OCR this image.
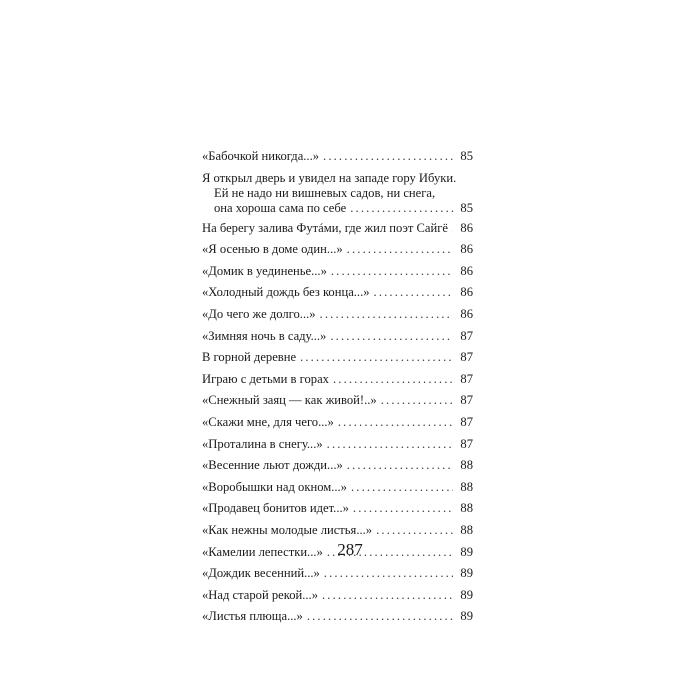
«Бабочкой никогда...» . . .	85
Я открыл дверь и увидел на западе гору Ибуки.
Ей не надо ни вишневых садов, ни снега,
она хороша сама по себе . . .	85
На берегу залива Футáми, где жил поэт Сайгё . . . 86
«Я осенью в доме один...» . . .	86
«Домик в уединенье...» . . .	86
«Холодный дождь без конца...» . . .	86
«До чего же долго...» . . .	86
«Зимняя ночь в саду...» . . .	87
В горной деревне . . .	87
Играю с детьми в горах . . .	87
«Снежный заяц — как живой!..» . . .	87
«Скажи мне, для чего...» . . .	87
«Проталина в снегу...» . . .	87
«Весенние льют дожди...» . . .	88
«Воробышки над окном...» . . .	88
«Продавец бонитов идет...» . . .	88
«Как нежны молодые листья...» . . .	88
«Камелии лепестки...» . . .	89
«Дождик весенний...» . . .	89
«Над старой рекой...» . . .	89
«Листья плюща...» . . .	89
287
